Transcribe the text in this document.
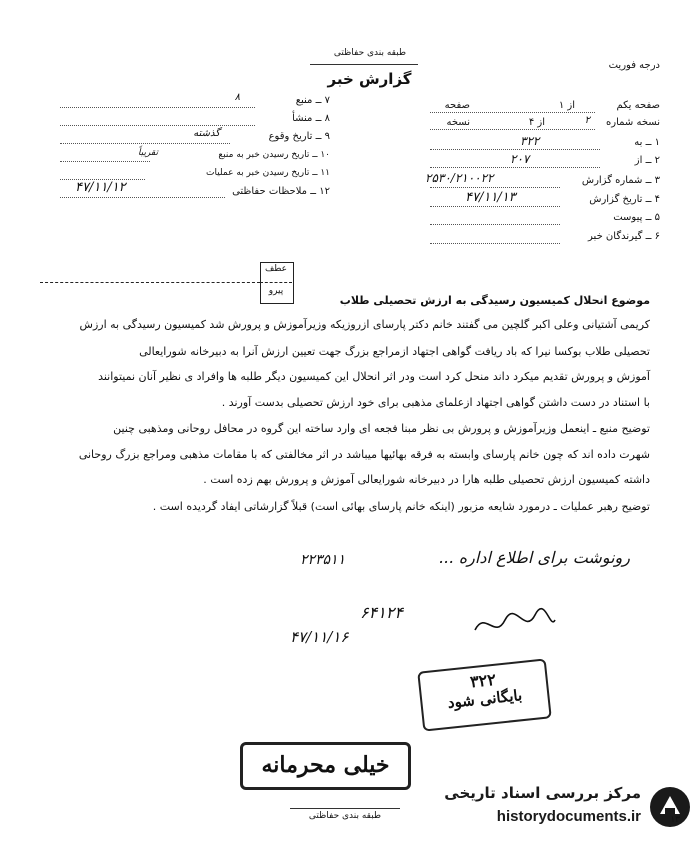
طبقه بندی حفاظتی
گزارش خبر
درجه فوریت
۷ ــ منبع
۸
۸ ــ منشأ
۹ ــ تاریخ وقوع
گذشته
۱۰ ــ تاریخ رسیدن خبر به منبع
تقریباً
۱۱ ــ تاریخ رسیدن خبر به عملیات
۱۲ ــ ملاحظات حفاظتی
۴۷/۱۱/۱۲
صفحه یکم
از ۱
صفحه
نسخه شماره
۲
از ۴
نسخه
۱ ــ به
۳۲۲
۲ ــ از
۲۰۷
۳ ــ شماره گزارش
۲۵۳۰/۲۱۰۰۲۲
۴ ــ تاریخ گزارش
۴۷/۱۱/۱۳
۵ ــ پیوست
۶ ــ گیرندگان خبر
عطف
پیرو
موضوع انحلال کمیسیون رسیدگی به ارزش تحصیلی طلاب
کریمی آشتیانی وعلی اکبر گلچین می گفتند خانم دکتر پارسای ازروزیکه وزیرآموزش و پرورش شد کمیسیون رسیدگی به ارزش
تحصیلی طلاب بوکسا نیرا که باد ریافت گواهی اجتهاد ازمراجع بزرگ جهت تعیین ارزش آنرا به دبیرخانه شورایعالی
آموزش و پرورش تقدیم میکرد داند منحل کرد است ودر اثر انحلال این کمیسیون دیگر طلبه ها وافراد ی نظیر آنان نمیتوانند
با استناد در دست داشتن گواهی اجتهاد ازعلمای مذهبی برای خود ارزش تحصیلی بدست آورند .
توضیح منبع ـ اینعمل وزیرآموزش و پرورش بی نظر مبنا فجعه ای وارد ساخته این گروه در محافل روحانی ومذهبی چنین
شهرت داده اند که چون خانم پارسای وابسته به فرقه بهائیها میباشد در اثر مخالفتی که با مقامات مذهبی ومراجع بزرگ روحانی
داشته کمیسیون ارزش تحصیلی طلبه هارا در دبیرخانه شورایعالی آموزش و پرورش بهم زده است .
توضیح رهبر عملیات ـ درمورد شایعه مزبور (اینکه خانم پارسای بهائی است) قبلاً گزارشاتی ایفاد گردیده است .
رونوشت برای اطلاع اداره ...
۲۲۳۵۱۱
۶۴۱۲۴
۴۷/۱۱/۱۶
۳۲۲
بایگانی شود
خیلی محرمانه
طبقه بندی حفاظتی
مرکز بررسی اسناد تاریخی
historydocuments.ir	۱۳
